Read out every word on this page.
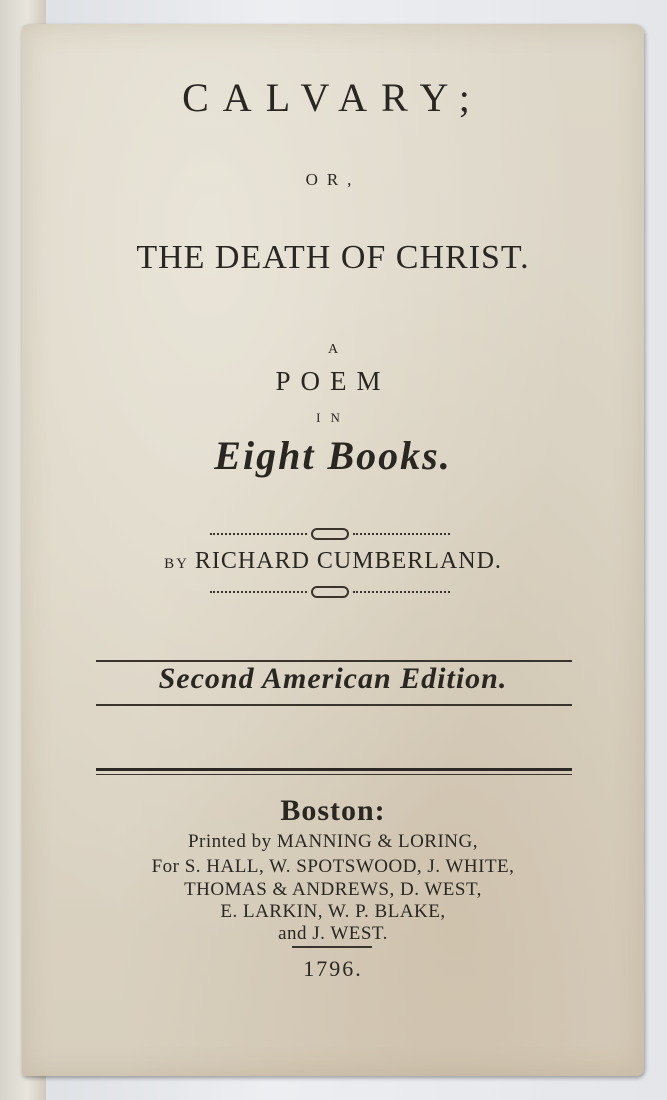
CALVARY;
OR,
THE DEATH OF CHRIST.
A
POEM
IN
Eight Books.
BY RICHARD CUMBERLAND.
Second American Edition.
Boston:
Printed by MANNING & LORING,
For S. HALL, W. SPOTSWOOD, J. WHITE,
THOMAS & ANDREWS, D. WEST,
E. LARKIN, W. P. BLAKE,
and J. WEST.
1796.
